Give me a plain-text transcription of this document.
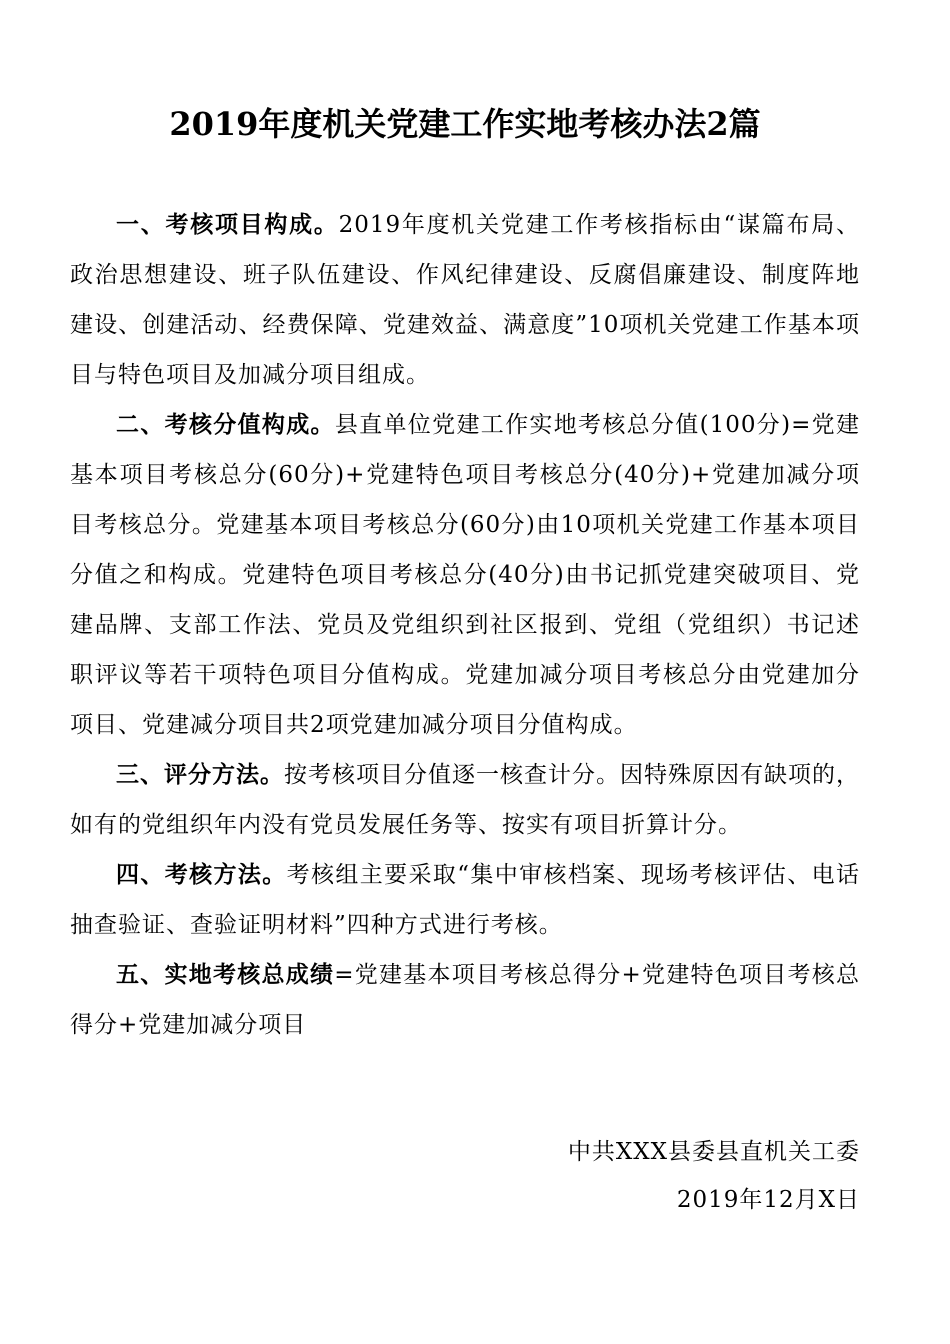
2019年度机关党建工作实地考核办法2篇

一、考核项目构成。2019年度机关党建工作考核指标由“谋篇布局、政治思想建设、班子队伍建设、作风纪律建设、反腐倡廉建设、制度阵地建设、创建活动、经费保障、党建效益、满意度”10项机关党建工作基本项目与特色项目及加减分项目组成。

二、考核分值构成。县直单位党建工作实地考核总分值(100分)=党建基本项目考核总分(60分)+党建特色项目考核总分(40分)+党建加减分项目考核总分。党建基本项目考核总分(60分)由10项机关党建工作基本项目分值之和构成。党建特色项目考核总分(40分)由书记抓党建突破项目、党建品牌、支部工作法、党员及党组织到社区报到、党组（党组织）书记述职评议等若干项特色项目分值构成。党建加减分项目考核总分由党建加分项目、党建减分项目共2项党建加减分项目分值构成。

三、评分方法。按考核项目分值逐一核查计分。因特殊原因有缺项的，如有的党组织年内没有党员发展任务等、按实有项目折算计分。

四、考核方法。考核组主要采取“集中审核档案、现场考核评估、电话抽查验证、查验证明材料”四种方式进行考核。

五、实地考核总成绩=党建基本项目考核总得分+党建特色项目考核总得分+党建加减分项目

中共XXX县委县直机关工委

2019年12月X日
